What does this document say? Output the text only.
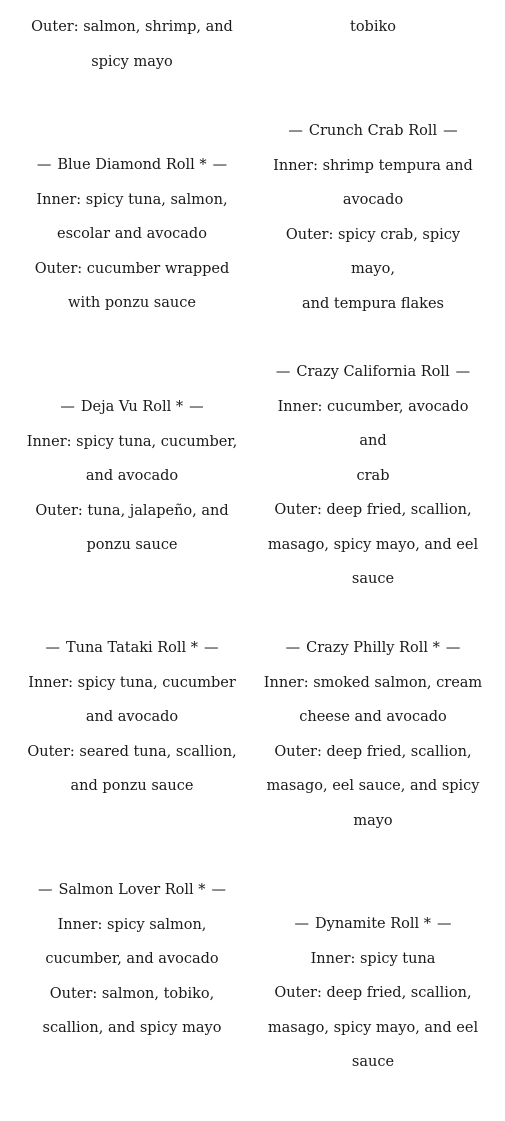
Outer: salmon, shrimp, and
spicy mayo
— Blue Diamond Roll * —
Inner: spicy tuna, salmon,
escolar and avocado
Outer: cucumber wrapped
with ponzu sauce
— Deja Vu Roll * —
Inner: spicy tuna, cucumber,
and avocado
Outer: tuna, jalapeño, and
ponzu sauce
— Tuna Tataki Roll * —
Inner: spicy tuna, cucumber
and avocado
Outer: seared tuna, scallion,
and ponzu sauce
— Salmon Lover Roll * —
Inner: spicy salmon,
cucumber, and avocado
Outer: salmon, tobiko,
scallion, and spicy mayo
tobiko
— Crunch Crab Roll —
Inner: shrimp tempura and
avocado
Outer: spicy crab, spicy mayo,
and tempura flakes
— Crazy California Roll —
Inner: cucumber, avocado and
crab
Outer: deep fried, scallion,
masago, spicy mayo, and eel
sauce
— Crazy Philly Roll * —
Inner: smoked salmon, cream
cheese and avocado
Outer: deep fried, scallion,
masago, eel sauce, and spicy
mayo
— Dynamite Roll * —
Inner: spicy tuna
Outer: deep fried, scallion,
masago, spicy mayo, and eel
sauce
